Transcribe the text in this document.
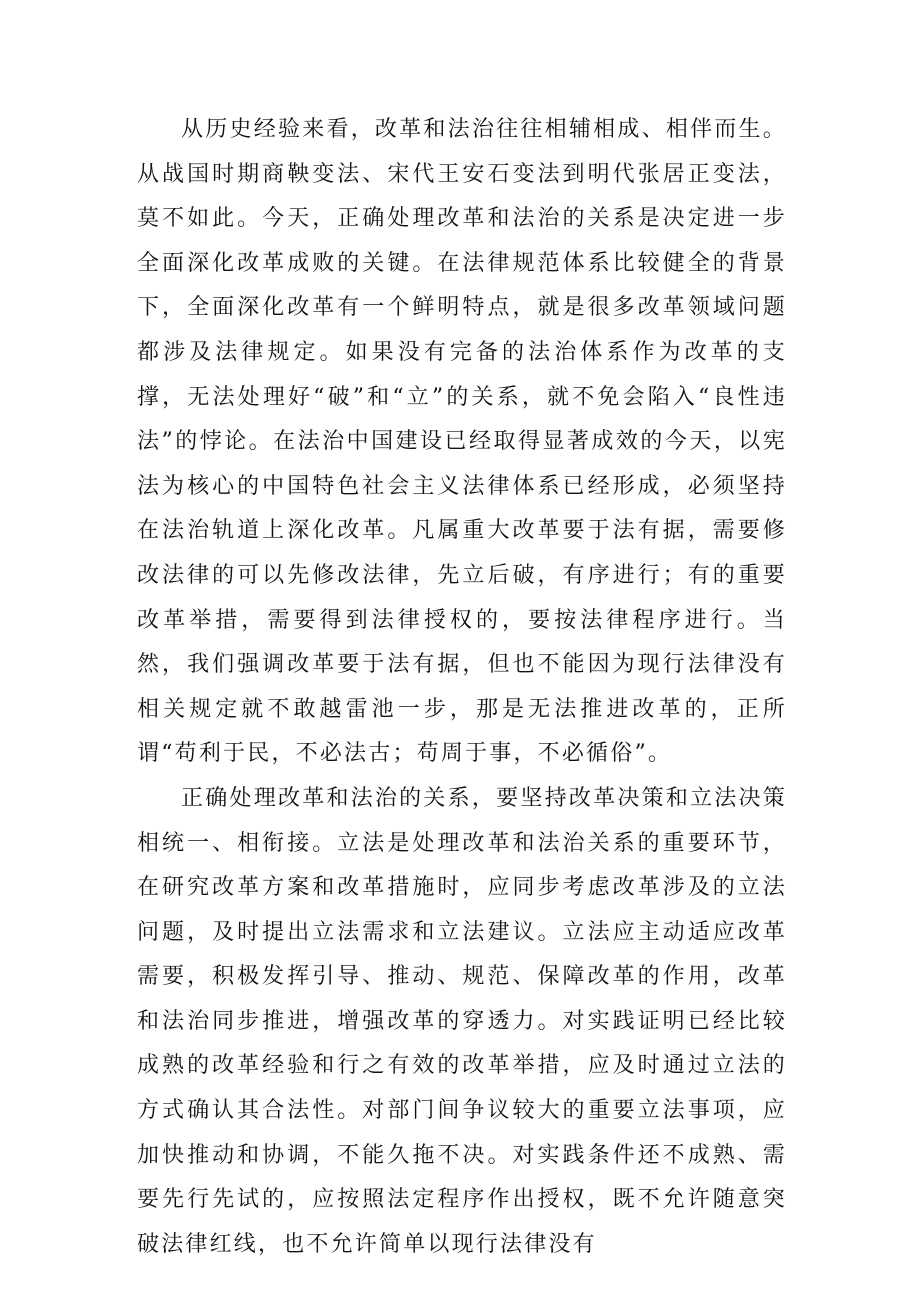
从历史经验来看，改革和法治往往相辅相成、相伴而生。从战国时期商鞅变法、宋代王安石变法到明代张居正变法，莫不如此。今天，正确处理改革和法治的关系是决定进一步全面深化改革成败的关键。在法律规范体系比较健全的背景下，全面深化改革有一个鲜明特点，就是很多改革领域问题都涉及法律规定。如果没有完备的法治体系作为改革的支撑，无法处理好“破”和“立”的关系，就不免会陷入“良性违法”的悖论。在法治中国建设已经取得显著成效的今天，以宪法为核心的中国特色社会主义法律体系已经形成，必须坚持在法治轨道上深化改革。凡属重大改革要于法有据，需要修改法律的可以先修改法律，先立后破，有序进行；有的重要改革举措，需要得到法律授权的，要按法律程序进行。当然，我们强调改革要于法有据，但也不能因为现行法律没有相关规定就不敢越雷池一步，那是无法推进改革的，正所谓“苟利于民，不必法古；苟周于事，不必循俗”。

正确处理改革和法治的关系，要坚持改革决策和立法决策相统一、相衔接。立法是处理改革和法治关系的重要环节，在研究改革方案和改革措施时，应同步考虑改革涉及的立法问题，及时提出立法需求和立法建议。立法应主动适应改革需要，积极发挥引导、推动、规范、保障改革的作用，改革和法治同步推进，增强改革的穿透力。对实践证明已经比较成熟的改革经验和行之有效的改革举措，应及时通过立法的方式确认其合法性。对部门间争议较大的重要立法事项，应加快推动和协调，不能久拖不决。对实践条件还不成熟、需要先行先试的，应按照法定程序作出授权，既不允许随意突破法律红线，也不允许简单以现行法律没有
